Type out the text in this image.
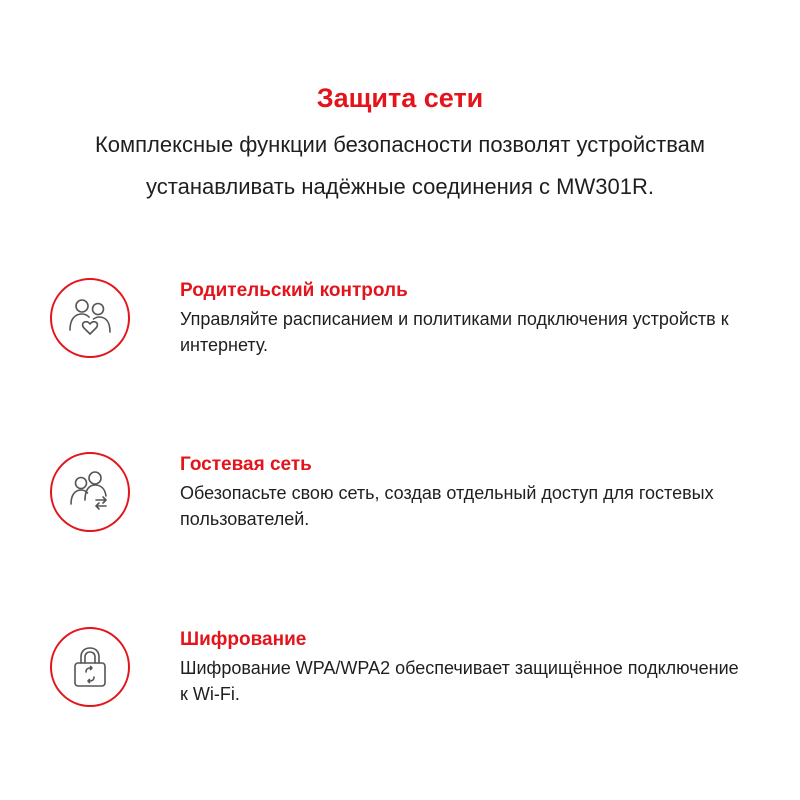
Защита сети

Комплексные функции безопасности позволят устройствам устанавливать надёжные соединения с MW301R.

Родительский контроль

Управляйте расписанием и политиками подключения устройств к интернету.

Гостевая сеть

Обезопасьте свою сеть, создав отдельный доступ для гостевых пользователей.

Шифрование

Шифрование WPA/WPA2 обеспечивает защищённое подключение к Wi-Fi.
